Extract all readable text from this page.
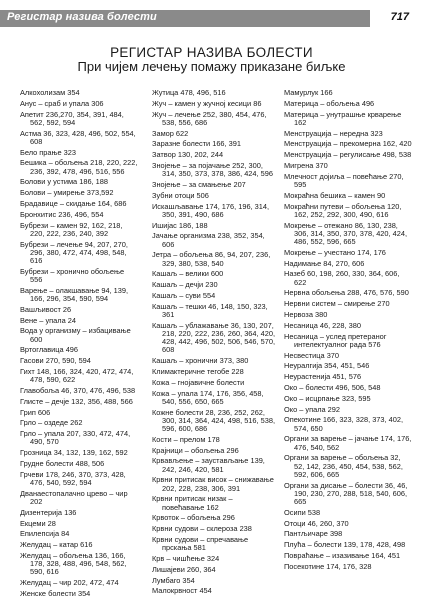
Регистар назива болести	717
РЕГИСТАР НАЗИВА БОЛЕСТИ
При чијем лечењу помажу приказане биљке
Алкохолизам 354
Анус – сраб и упала 306
Апетит 236,270, 354, 391, 484, 562, 592, 594
Астма 36, 323, 428, 496, 502, 554, 608
Бело прање 323
Бешика – обољења 218, 220, 222, 236, 392, 478, 496, 516, 556
Болови у устима 186, 188
Болови – умирење 373,592
Брадавице – скидање 164, 686
Бронхитис 236, 496, 554
Бубрези – камен 92, 162, 218, 220, 222, 236, 240, 392
Бубрези – лечење 94, 207, 270, 296, 380, 472, 474, 498, 548, 616
Бубрези – хронично обољење 556
Варење – олакшавање 94, 139, 166, 296, 354, 590, 594
Вашљивост 26
Вене – упала 24
Вода у организму – избацивање 600
Вртоглавица 496
Гасови 270, 590, 594
Гихт 148, 166, 324, 420, 472, 474, 478, 590, 622
Главобоља 46, 370, 476, 496, 538
Глисте – дечје 132, 356, 488, 566
Грип 606
Грло – оздеде 262
Грло – упала 207, 330, 472, 474, 490, 570
Грозница 34, 132, 139, 162, 592
Грудне болести 488, 506
Грчеви 178, 246, 370, 373, 428, 476, 540, 592, 594
Дванаестопалачно црево – чир 202
Дизентерија 136
Екцеми 28
Епилепсија 84
Желудац – катар 616
Желудац – обољења 136, 166, 178, 328, 488, 496, 548, 562, 590, 616
Желудац – чир 202, 472, 474
Женске болести 354
Жутица 478, 496, 516
Жуч – камен у жучној кесици 86
Жуч – лечење 252, 380, 454, 476, 538, 556, 686
Замор 622
Заразне болести 166, 391
Затвор 130, 202, 244
Знојење – за појачање 252, 300, 314, 350, 373, 378, 386, 424, 596
Знојење – за смањење 207
Зубни отоци 506
Искашљавање 174, 176, 196, 314, 350, 391, 490, 686
Ишијас 186, 188
Јачање организма 238, 352, 354, 606
Јетра – обољења 86, 94, 207, 236, 329, 380, 538, 540
Кашаљ – велики 600
Кашаљ – дечји 230
Кашаљ – суви 554
Кашаљ – тешки 46, 148, 150, 323, 361
Кашаљ – ублажавање 36, 130, 207, 218, 220, 222, 236, 260, 364, 420, 428, 442, 496, 502, 506, 546, 570, 608
Кашаљ – хронични 373, 380
Климактеричне тегобе 228
Кожа – гнојавичне болести
Кожа – упала 174, 176, 356, 458, 540, 556, 650, 665
Кожне болести 28, 236, 252, 262, 300, 314, 364, 424, 498, 516, 538, 596, 600, 686
Кости – прелом 178
Крајници – обољења 296
Крвављење – заустављање 139, 242, 246, 420, 581
Крвни притисак висок – снижавање 202, 228, 238, 306, 391
Крвни притисак низак – повећавање 162
Крвоток – обољења 296
Крвни судови – склероза 238
Крвни судови – спречавање прскања 581
Крв – чишћење 324
Лишајеви 260, 364
Лумбаго 354
Малокрвност 454
Мамурлук 166
Материца – обољења 496
Материца – унутрашње крварење 162
Менструација – нередна 323
Менструација – прекомерна 162, 420
Менструација – регулисање 498, 538
Мигрена 370
Млечност дојиља – повећање 270, 595
Мокраћна бешика – камен 90
Мокраћни путеви – обољења 120, 162, 252, 292, 300, 490, 616
Мокрење – отежано 86, 130, 238, 306, 314, 350, 370, 378, 420, 424, 486, 552, 596, 665
Мокрење – учестано 174, 176
Надимање 84, 270, 606
Назеб 60, 198, 260, 330, 364, 606, 622
Нервна обољења 288, 476, 576, 590
Нервни систем – смирење 270
Нервоза 380
Несаница 46, 228, 380
Несаница – услед претераног интелектуалног рада 576
Несвестица 370
Неуралгија 354, 451, 546
Неурастенија 451, 576
Око – болести 496, 506, 548
Око – исцрпање 323, 595
Око – упала 292
Опекотине 166, 323, 328, 373, 402, 574, 650
Органи за варење – јачање 174, 176, 476, 540, 562
Органи за варење – обољења 32, 52, 142, 236, 450, 454, 538, 562, 592, 606, 665
Органи за дисање – болести 36, 46, 190, 230, 270, 288, 518, 540, 606, 665
Осипи 538
Отоци 46, 260, 370
Пантљичаре 398
Плућа – болести 139, 178, 428, 498
Повраћање – изазивање 164, 451
Посекотине 174, 176, 328
